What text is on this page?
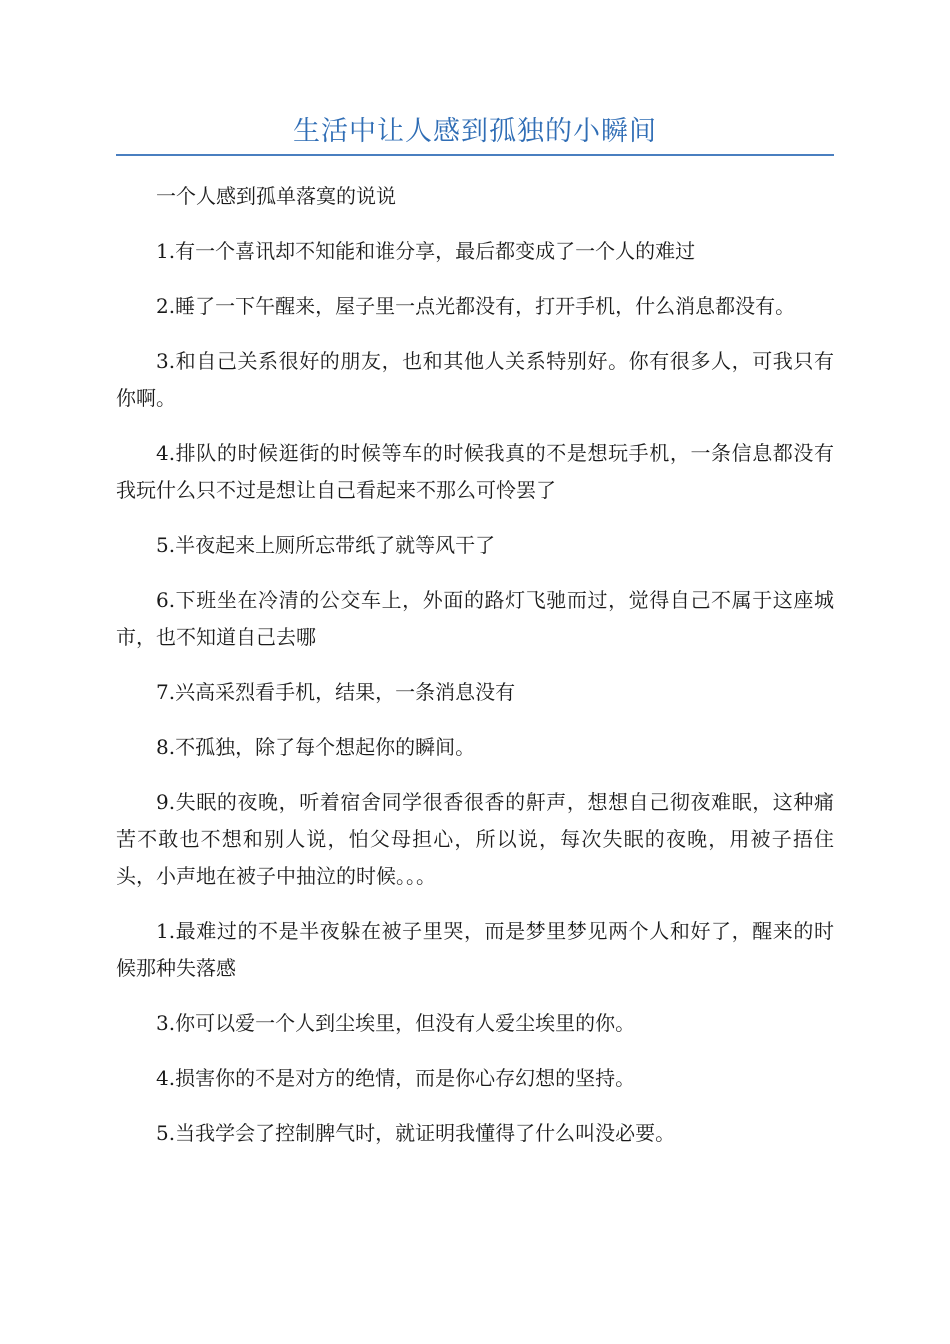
生活中让人感到孤独的小瞬间

一个人感到孤单落寞的说说

1.有一个喜讯却不知能和谁分享，最后都变成了一个人的难过

2.睡了一下午醒来，屋子里一点光都没有，打开手机，什么消息都没有。

3.和自己关系很好的朋友，也和其他人关系特别好。你有很多人，可我只有你啊。

4.排队的时候逛街的时候等车的时候我真的不是想玩手机，一条信息都没有我玩什么只不过是想让自己看起来不那么可怜罢了

5.半夜起来上厕所忘带纸了就等风干了

6.下班坐在冷清的公交车上，外面的路灯飞驰而过，觉得自己不属于这座城市，也不知道自己去哪

7.兴高采烈看手机，结果，一条消息没有

8.不孤独，除了每个想起你的瞬间。

9.失眠的夜晚，听着宿舍同学很香很香的鼾声，想想自己彻夜难眠，这种痛苦不敢也不想和别人说，怕父母担心，所以说，每次失眠的夜晚，用被子捂住头，小声地在被子中抽泣的时候。。。

1.最难过的不是半夜躲在被子里哭，而是梦里梦见两个人和好了，醒来的时候那种失落感

3.你可以爱一个人到尘埃里，但没有人爱尘埃里的你。

4.损害你的不是对方的绝情，而是你心存幻想的坚持。

5.当我学会了控制脾气时，就证明我懂得了什么叫没必要。
